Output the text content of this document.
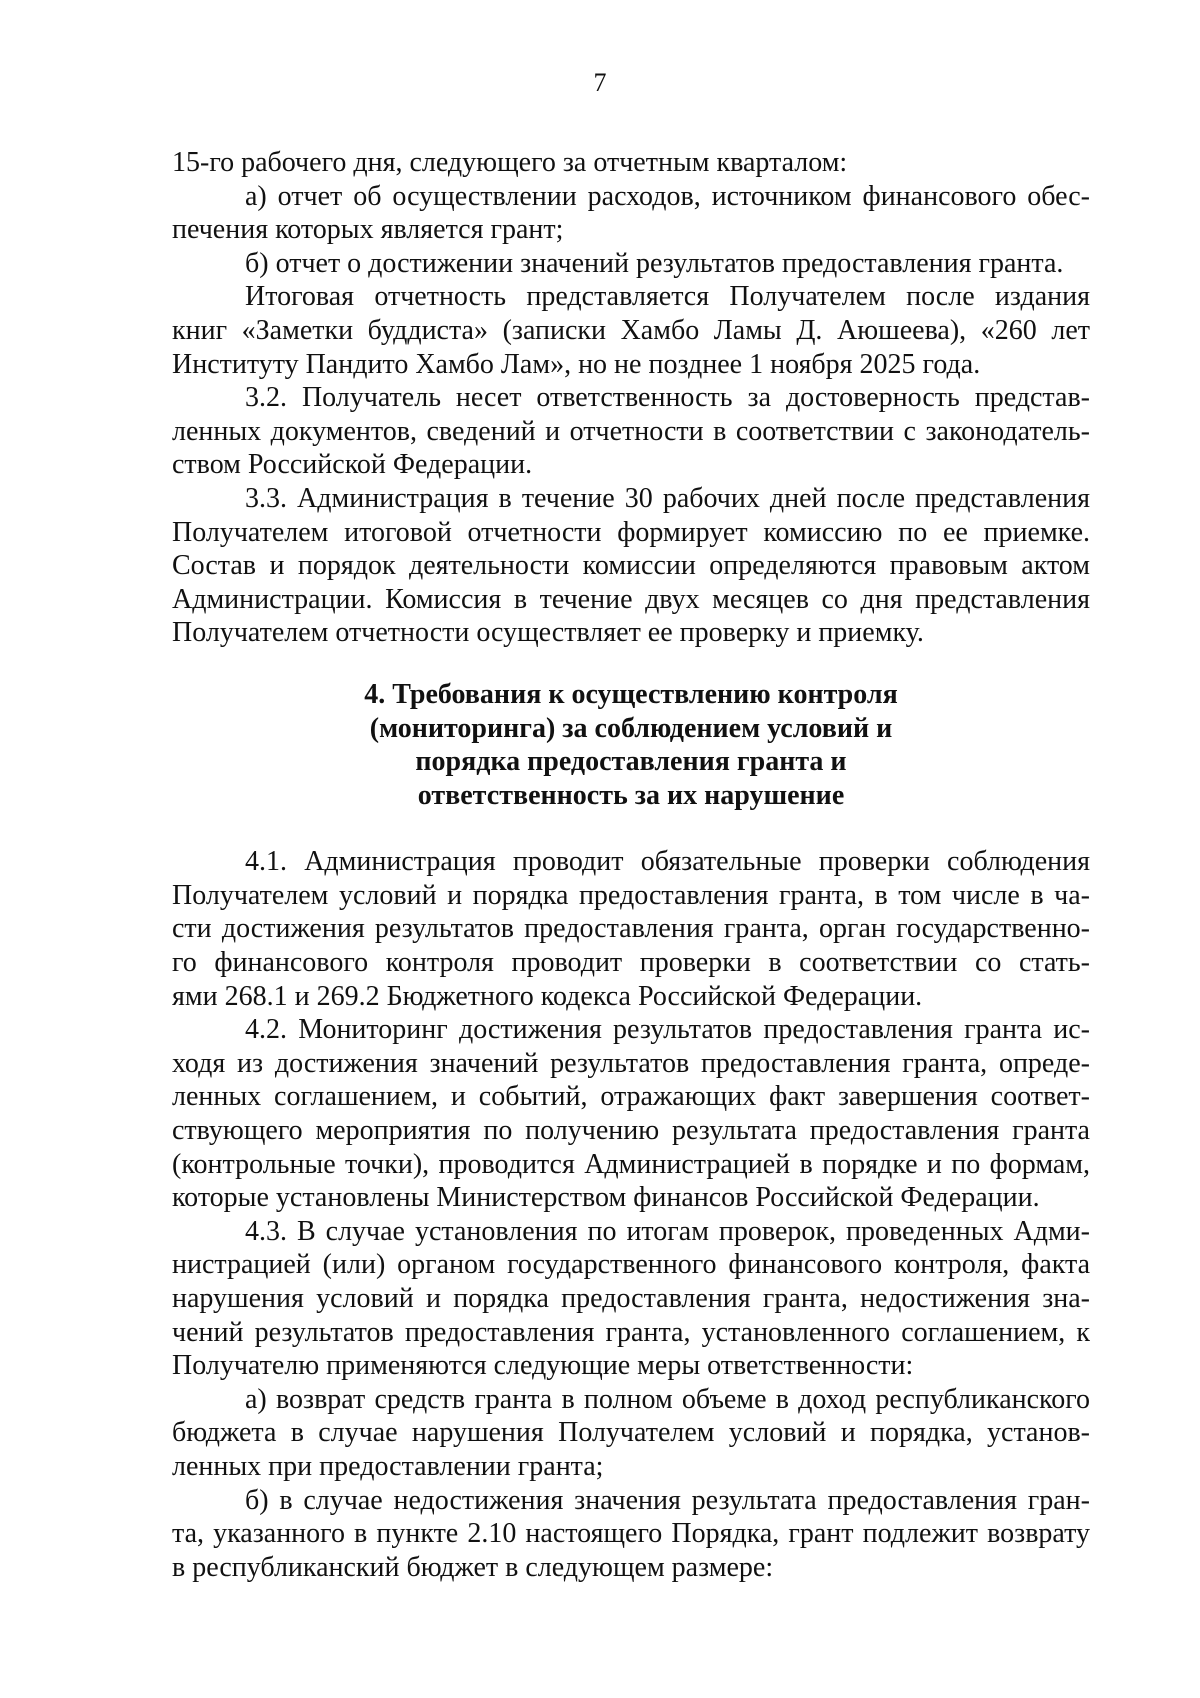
7
15-го рабочего дня, следующего за отчетным кварталом:
а) отчет об осуществлении расходов, источником финансового обес-
печения которых является грант;
б) отчет о достижении значений результатов предоставления гранта.
Итоговая отчетность представляется Получателем после издания
книг «Заметки буддиста» (записки Хамбо Ламы Д. Аюшеева), «260 лет
Институту Пандито Хамбо Лам», но не позднее 1 ноября 2025 года.
3.2. Получатель несет ответственность за достоверность представ-
ленных документов, сведений и отчетности в соответствии с законодатель-
ством Российской Федерации.
3.3. Администрация в течение 30 рабочих дней после представления
Получателем итоговой отчетности формирует комиссию по ее приемке.
Состав и порядок деятельности комиссии определяются правовым актом
Администрации. Комиссия в течение двух месяцев со дня представления
Получателем отчетности осуществляет ее проверку и приемку.
4. Требования к осуществлению контроля
(мониторинга) за соблюдением условий и
порядка предоставления гранта и
ответственность за их нарушение
4.1. Администрация проводит обязательные проверки соблюдения
Получателем условий и порядка предоставления гранта, в том числе в ча-
сти достижения результатов предоставления гранта, орган государственно-
го финансового контроля проводит проверки в соответствии со стать-
ями 268.1 и 269.2 Бюджетного кодекса Российской Федерации.
4.2. Мониторинг достижения результатов предоставления гранта ис-
ходя из достижения значений результатов предоставления гранта, опреде-
ленных соглашением, и событий, отражающих факт завершения соответ-
ствующего мероприятия по получению результата предоставления гранта
(контрольные точки), проводится Администрацией в порядке и по формам,
которые установлены Министерством финансов Российской Федерации.
4.3. В случае установления по итогам проверок, проведенных Адми-
нистрацией (или) органом государственного финансового контроля, факта
нарушения условий и порядка предоставления гранта, недостижения зна-
чений результатов предоставления гранта, установленного соглашением, к
Получателю применяются следующие меры ответственности:
а) возврат средств гранта в полном объеме в доход республиканского
бюджета в случае нарушения Получателем условий и порядка, установ-
ленных при предоставлении гранта;
б) в случае недостижения значения результата предоставления гран-
та, указанного в пункте 2.10 настоящего Порядка, грант подлежит возврату
в республиканский бюджет в следующем размере:
